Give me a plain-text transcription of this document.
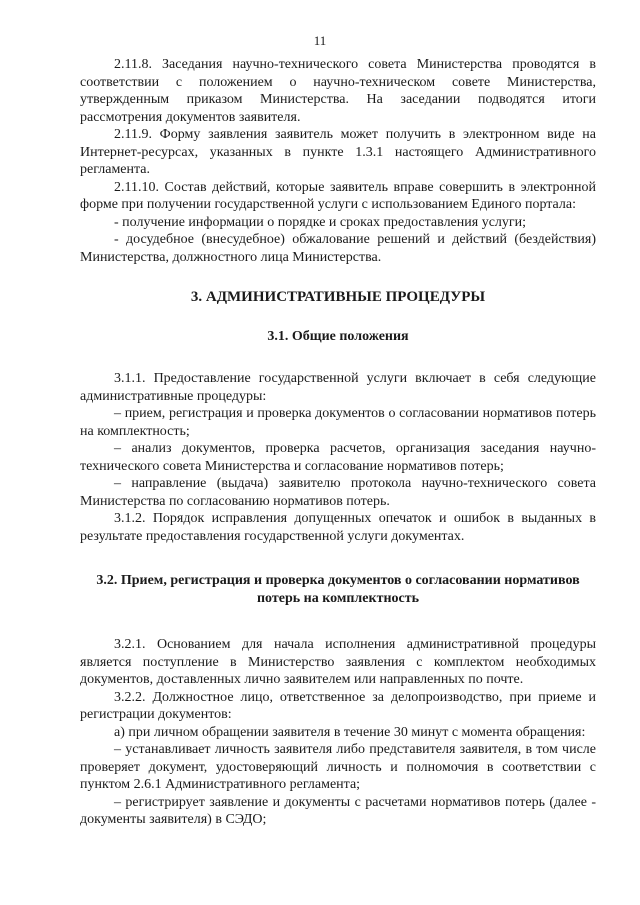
11

2.11.8. Заседания научно-технического совета Министерства проводятся в соответствии с положением о научно-техническом совете Министерства, утвержденным приказом Министерства. На заседании подводятся итоги рассмотрения документов заявителя.

2.11.9. Форму заявления заявитель может получить в электронном виде на Интернет-ресурсах, указанных в пункте 1.3.1 настоящего Административного регламента.

2.11.10. Состав действий, которые заявитель вправе совершить в электронной форме при получении государственной услуги с использованием Единого портала:

- получение информации о порядке и сроках предоставления услуги;

- досудебное (внесудебное) обжалование решений и действий (бездействия) Министерства, должностного лица Министерства.

3. АДМИНИСТРАТИВНЫЕ ПРОЦЕДУРЫ

3.1. Общие положения

3.1.1. Предоставление государственной услуги включает в себя следующие административные процедуры:

– прием, регистрация и проверка документов о согласовании нормативов потерь на комплектность;

– анализ документов, проверка расчетов, организация заседания научно-технического совета Министерства и согласование нормативов потерь;

– направление (выдача) заявителю протокола научно-технического совета Министерства по согласованию нормативов потерь.

3.1.2. Порядок исправления допущенных опечаток и ошибок в выданных в результате предоставления государственной услуги документах.

3.2. Прием, регистрация и проверка документов о согласовании нормативов потерь на комплектность

3.2.1. Основанием для начала исполнения административной процедуры является поступление в Министерство заявления с комплектом необходимых документов, доставленных лично заявителем или направленных по почте.

3.2.2. Должностное лицо, ответственное за делопроизводство, при приеме и регистрации документов:

а) при личном обращении заявителя в течение 30 минут с момента обращения:

– устанавливает личность заявителя либо представителя заявителя, в том числе проверяет документ, удостоверяющий личность и полномочия в соответствии с пунктом 2.6.1 Административного регламента;

– регистрирует заявление и документы с расчетами нормативов потерь (далее - документы заявителя) в СЭДО;
